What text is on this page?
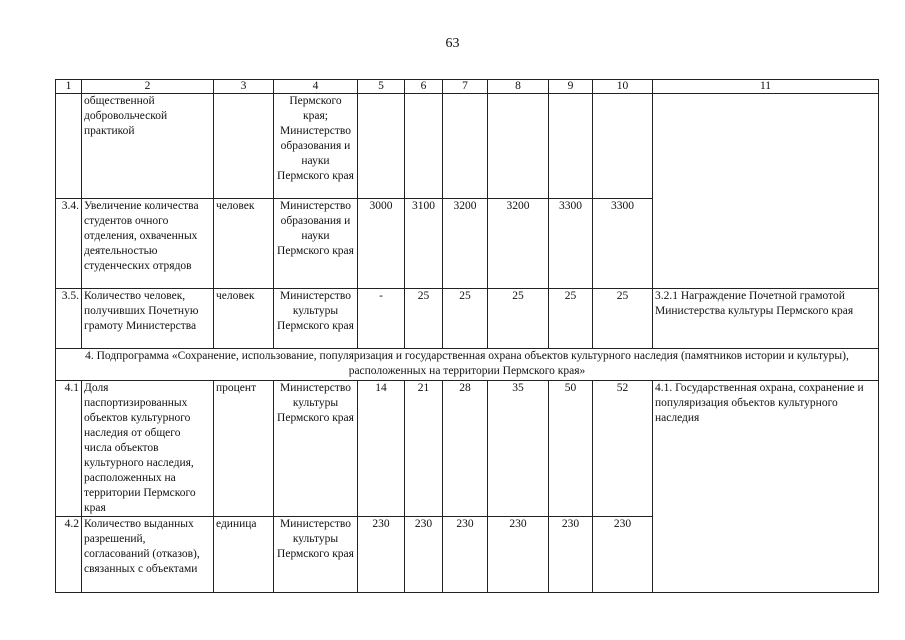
63
1	2	3	4	5	6	7	8	9	10	11
	общественной добровольческой практикой		Пермского края; Министерство образования и науки Пермского края							
3.4.	Увеличение количества студентов очного отделения, охваченных деятельностью студенческих отрядов	человек	Министерство образования и науки Пермского края	3000	3100	3200	3200	3300	3300	
3.5.	Количество человек, получивших Почетную грамоту Министерства	человек	Министерство культуры Пермского края	-	25	25	25	25	25	3.2.1 Награждение Почетной грамотой Министерства культуры Пермского края
4. Подпрограмма «Сохранение, использование, популяризация и государственная охрана объектов культурного наследия (памятников истории и культуры), расположенных на территории Пермского края»										
4.1	Доля паспортизированных объектов культурного наследия от общего числа объектов культурного наследия, расположенных на территории Пермского края	процент	Министерство культуры Пермского края	14	21	28	35	50	52	4.1. Государственная охрана, сохранение и популяризация объектов культурного наследия
4.2	Количество выданных разрешений, согласований (отказов), связанных с объектами	единица	Министерство культуры Пермского края	230	230	230	230	230	230	
